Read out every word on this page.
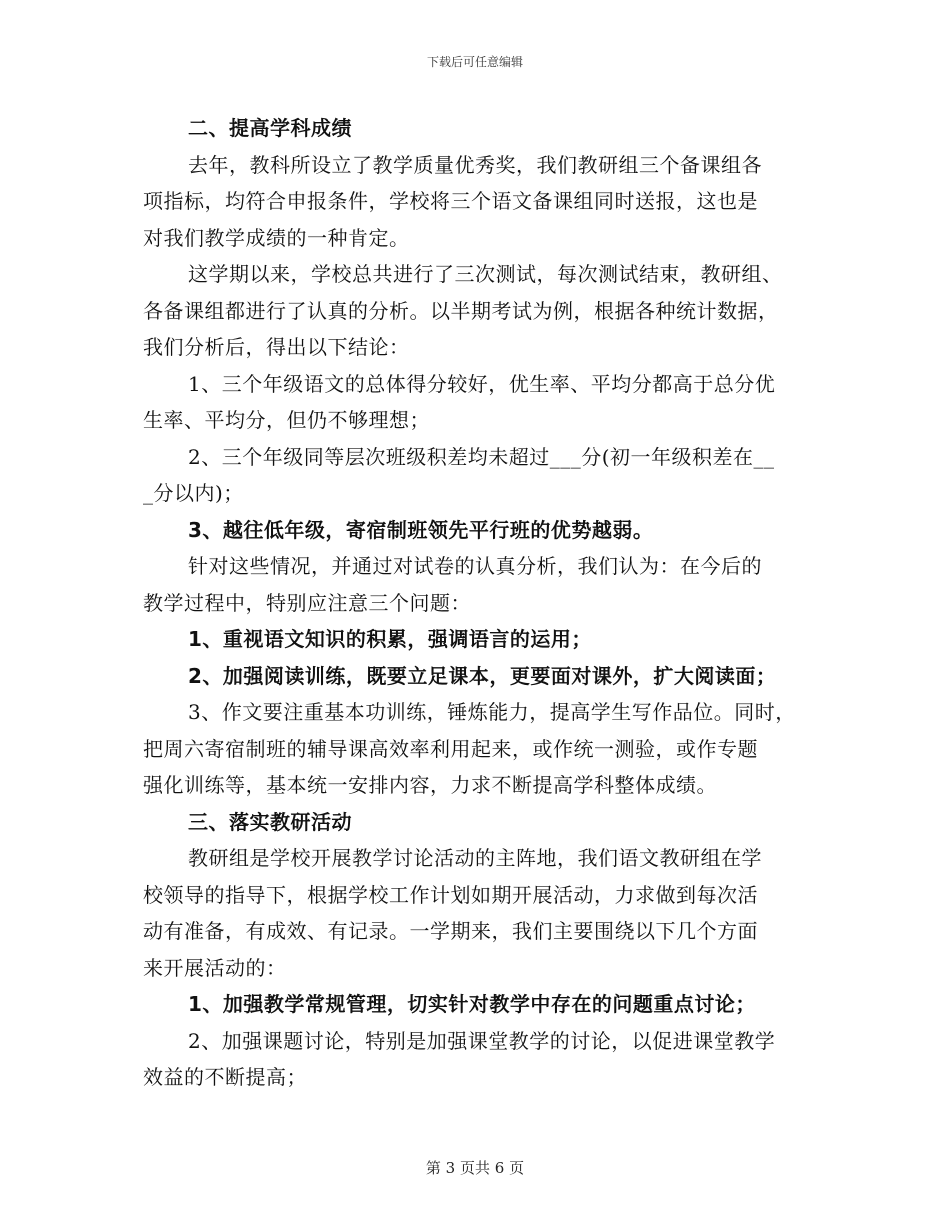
下载后可任意编辑
二、提高学科成绩
去年，教科所设立了教学质量优秀奖，我们教研组三个备课组各
项指标，均符合申报条件，学校将三个语文备课组同时送报，这也是
对我们教学成绩的一种肯定。
这学期以来，学校总共进行了三次测试，每次测试结束，教研组、
各备课组都进行了认真的分析。以半期考试为例，根据各种统计数据，
我们分析后，得出以下结论：
1、三个年级语文的总体得分较好，优生率、平均分都高于总分优
生率、平均分，但仍不够理想；
2、三个年级同等层次班级积差均未超过___分(初一年级积差在__
_分以内)；
3、越往低年级，寄宿制班领先平行班的优势越弱。
针对这些情况，并通过对试卷的认真分析，我们认为：在今后的
教学过程中，特别应注意三个问题：
1、重视语文知识的积累，强调语言的运用；
2、加强阅读训练，既要立足课本，更要面对课外，扩大阅读面；
3、作文要注重基本功训练，锤炼能力，提高学生写作品位。同时，
把周六寄宿制班的辅导课高效率利用起来，或作统一测验，或作专题
强化训练等，基本统一安排内容，力求不断提高学科整体成绩。
三、落实教研活动
教研组是学校开展教学讨论活动的主阵地，我们语文教研组在学
校领导的指导下，根据学校工作计划如期开展活动，力求做到每次活
动有准备，有成效、有记录。一学期来，我们主要围绕以下几个方面
来开展活动的：
1、加强教学常规管理，切实针对教学中存在的问题重点讨论；
2、加强课题讨论，特别是加强课堂教学的讨论，以促进课堂教学
效益的不断提高；
第 3 页共 6 页
